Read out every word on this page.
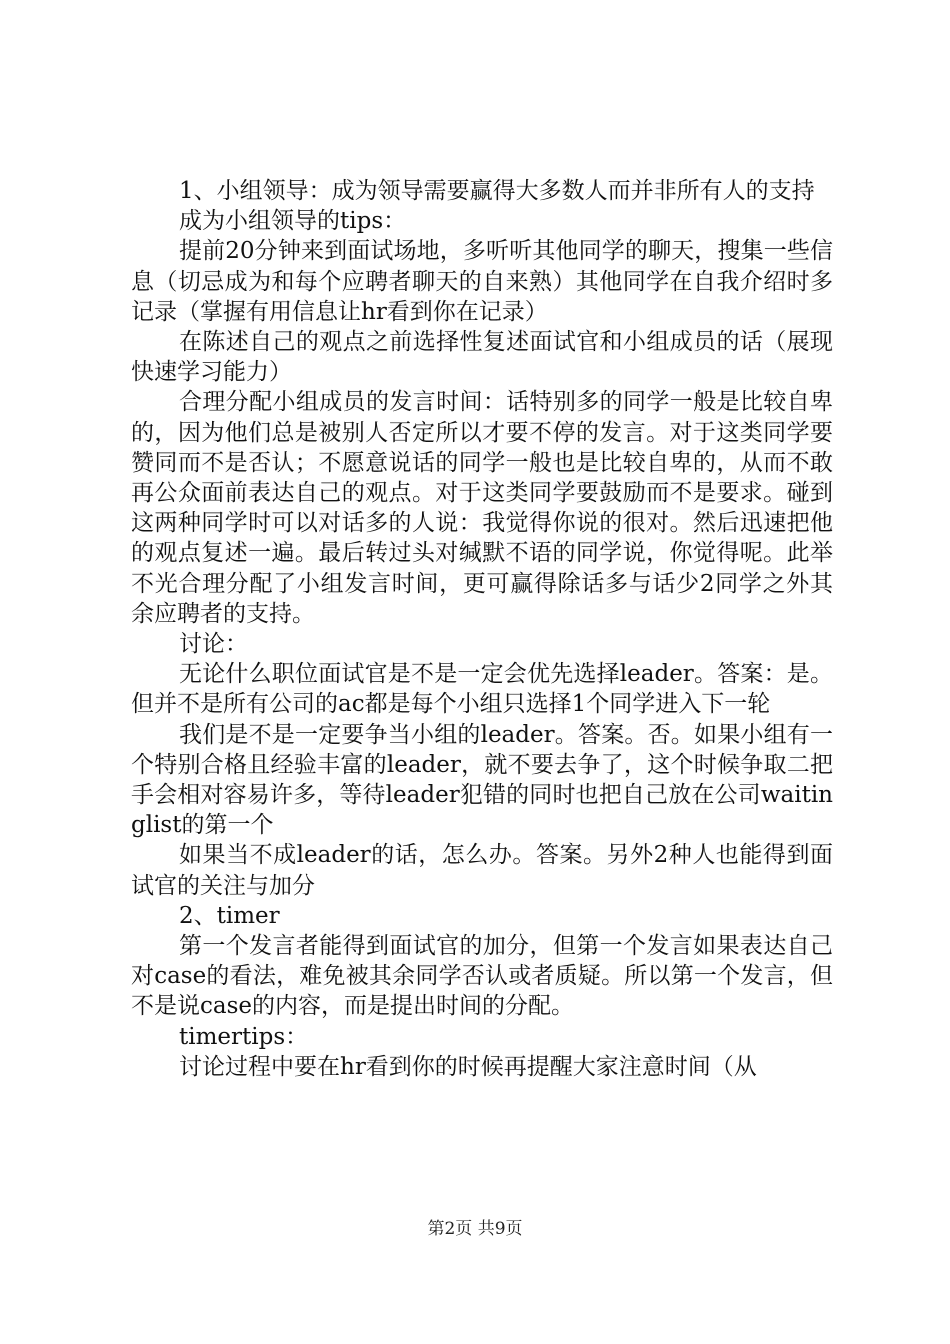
1、小组领导：成为领导需要赢得大多数人而并非所有人的支持

成为小组领导的tips：

提前20分钟来到面试场地，多听听其他同学的聊天，搜集一些信息（切忌成为和每个应聘者聊天的自来熟）其他同学在自我介绍时多记录（掌握有用信息让hr看到你在记录）

在陈述自己的观点之前选择性复述面试官和小组成员的话（展现快速学习能力）

合理分配小组成员的发言时间：话特别多的同学一般是比较自卑的，因为他们总是被别人否定所以才要不停的发言。对于这类同学要赞同而不是否认；不愿意说话的同学一般也是比较自卑的，从而不敢再公众面前表达自己的观点。对于这类同学要鼓励而不是要求。碰到这两种同学时可以对话多的人说：我觉得你说的很对。然后迅速把他的观点复述一遍。最后转过头对缄默不语的同学说，你觉得呢。此举不光合理分配了小组发言时间，更可赢得除话多与话少2同学之外其余应聘者的支持。

讨论：

无论什么职位面试官是不是一定会优先选择leader。答案：是。但并不是所有公司的ac都是每个小组只选择1个同学进入下一轮

我们是不是一定要争当小组的leader。答案。否。如果小组有一个特别合格且经验丰富的leader，就不要去争了，这个时候争取二把手会相对容易许多，等待leader犯错的同时也把自己放在公司waitinglist的第一个

如果当不成leader的话，怎么办。答案。另外2种人也能得到面试官的关注与加分

2、timer

第一个发言者能得到面试官的加分，但第一个发言如果表达自己对case的看法，难免被其余同学否认或者质疑。所以第一个发言，但不是说case的内容，而是提出时间的分配。

timertips：

讨论过程中要在hr看到你的时候再提醒大家注意时间（从

第2页 共9页
